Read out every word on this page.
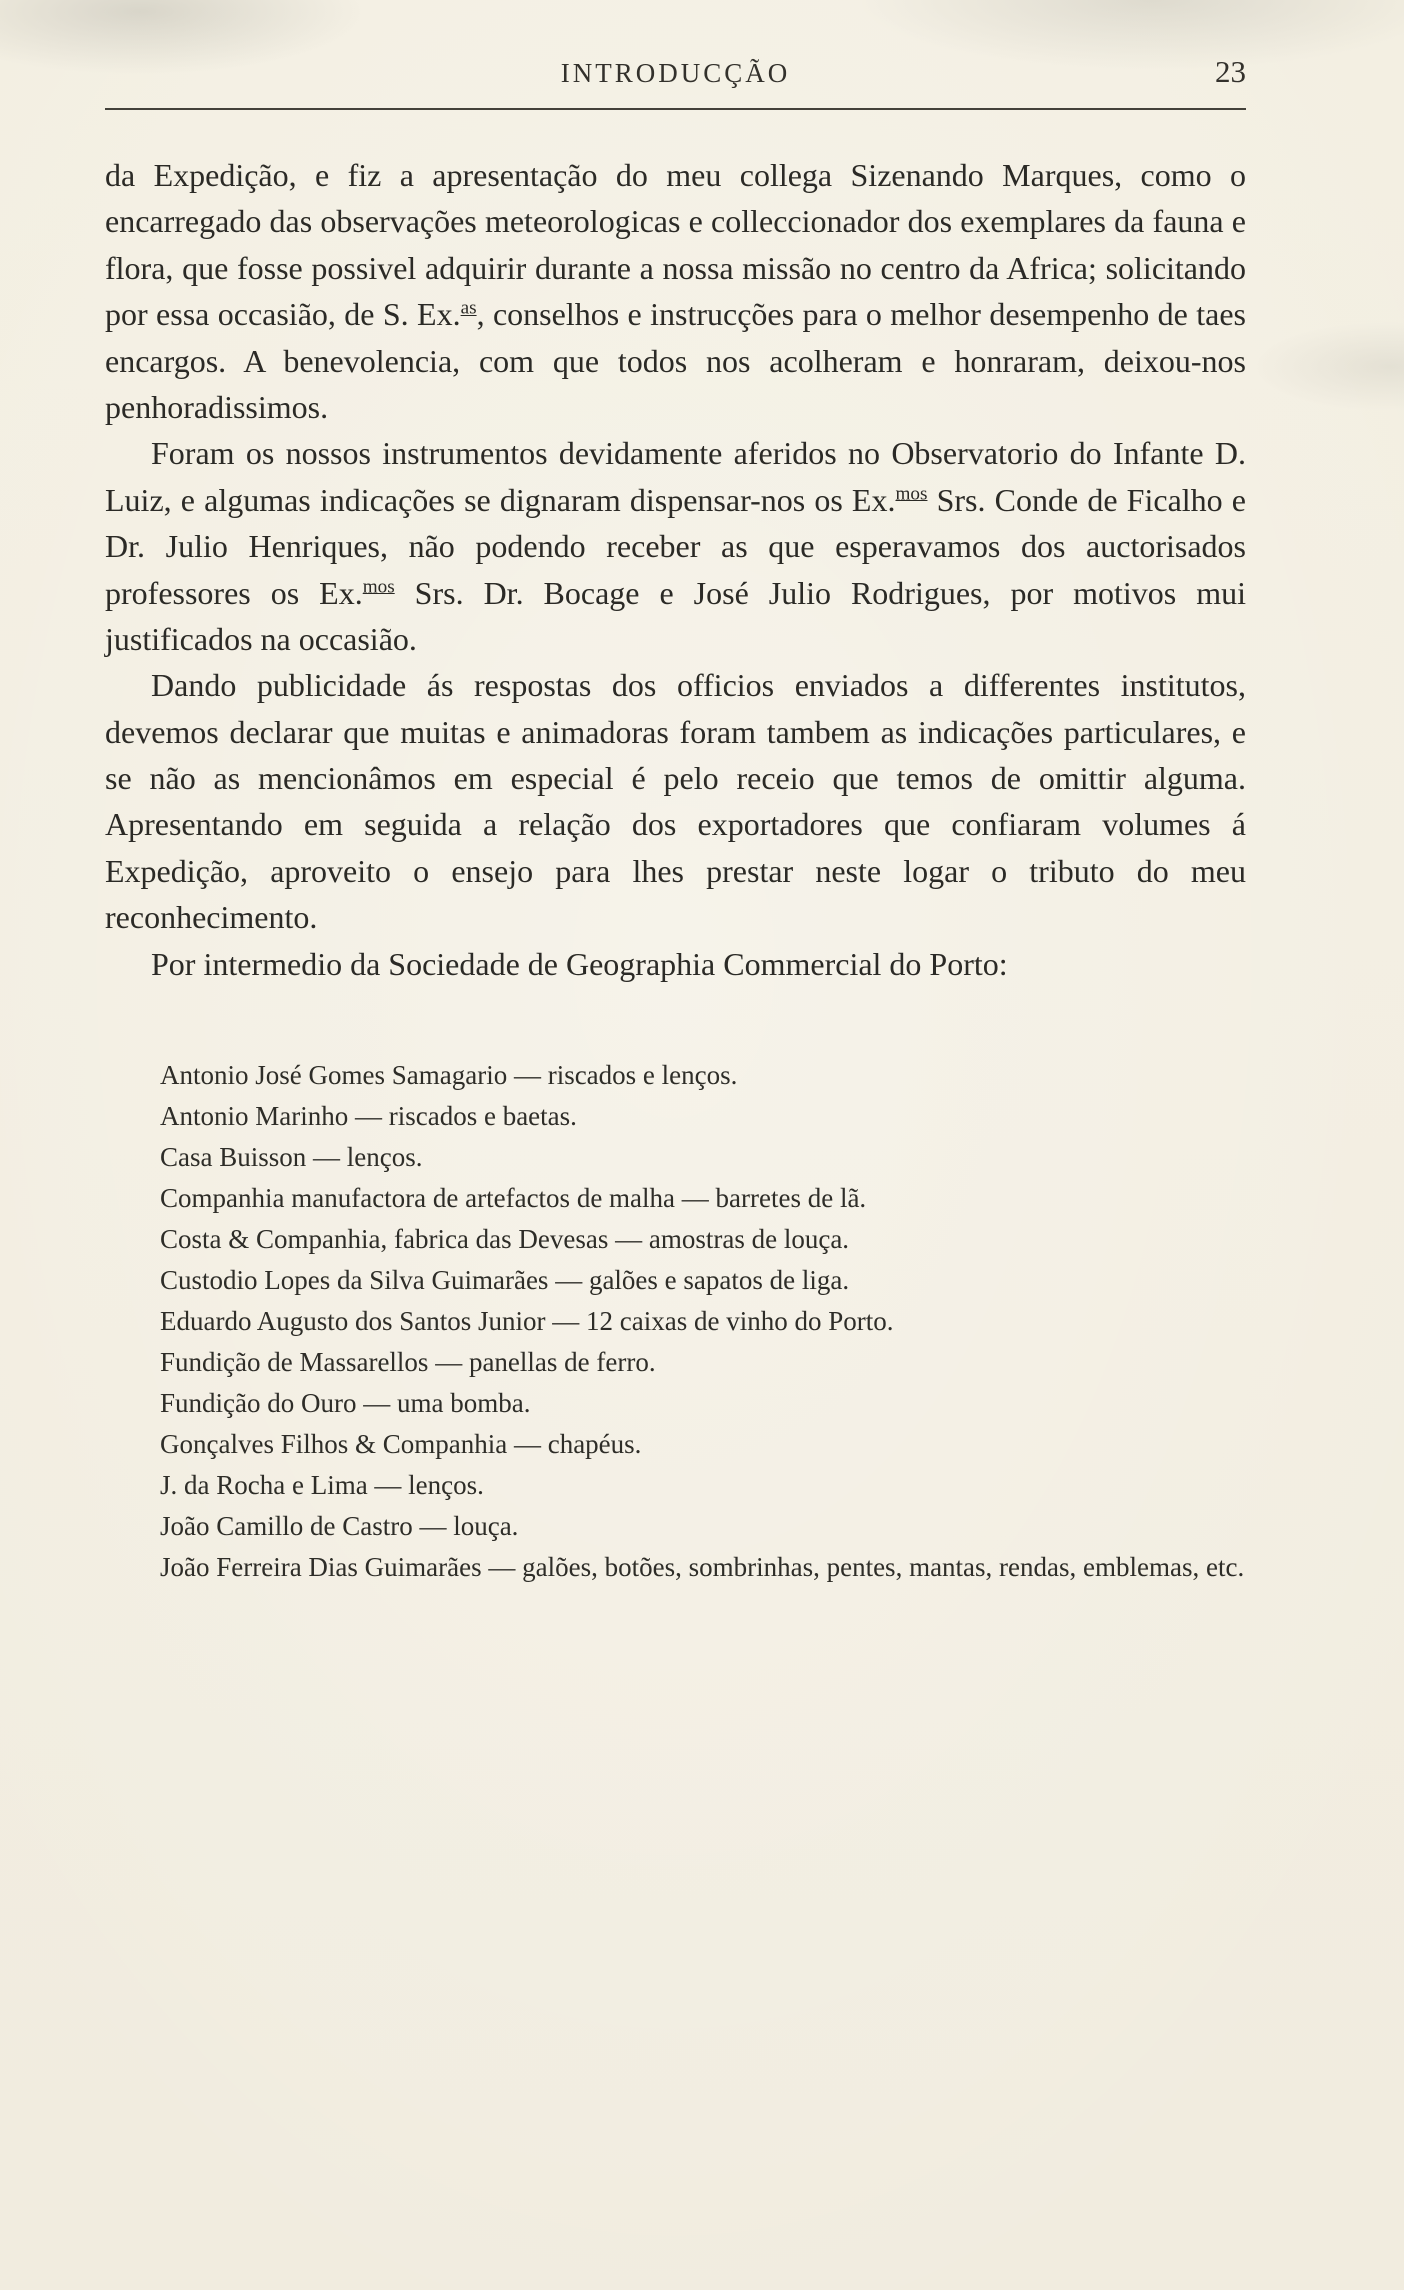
INTRODUCÇÃO	23

da Expedição, e fiz a apresentação do meu collega Sizenando Marques, como o encarregado das observações meteorologicas e colleccionador dos exemplares da fauna e flora, que fosse possivel adquirir durante a nossa missão no centro da Africa; solicitando por essa occasião, de S. Ex.$^{as}$, conselhos e instrucções para o melhor desempenho de taes encargos. A benevolencia, com que todos nos acolheram e honraram, deixou-nos penhoradissimos.

Foram os nossos instrumentos devidamente aferidos no Observatorio do Infante D. Luiz, e algumas indicações se dignaram dispensar-nos os Ex.$^{mos}$ Srs. Conde de Ficalho e Dr. Julio Henriques, não podendo receber as que esperavamos dos auctorisados professores os Ex.$^{mos}$ Srs. Dr. Bocage e José Julio Rodrigues, por motivos mui justificados na occasião.

Dando publicidade ás respostas dos officios enviados a differentes institutos, devemos declarar que muitas e animadoras foram tambem as indicações particulares, e se não as mencionâmos em especial é pelo receio que temos de omittir alguma. Apresentando em seguida a relação dos exportadores que confiaram volumes á Expedição, aproveito o ensejo para lhes prestar neste logar o tributo do meu reconhecimento.

Por intermedio da Sociedade de Geographia Commercial do Porto:

Antonio José Gomes Samagario — riscados e lenços.
Antonio Marinho — riscados e baetas.
Casa Buisson — lenços.
Companhia manufactora de artefactos de malha — barretes de lã.
Costa & Companhia, fabrica das Devesas — amostras de louça.
Custodio Lopes da Silva Guimarães — galões e sapatos de liga.
Eduardo Augusto dos Santos Junior — 12 caixas de vinho do Porto.
Fundição de Massarellos — panellas de ferro.
Fundição do Ouro — uma bomba.
Gonçalves Filhos & Companhia — chapéus.
J. da Rocha e Lima — lenços.
João Camillo de Castro — louça.
João Ferreira Dias Guimarães — galões, botões, sombrinhas, pentes, mantas, rendas, emblemas, etc.
